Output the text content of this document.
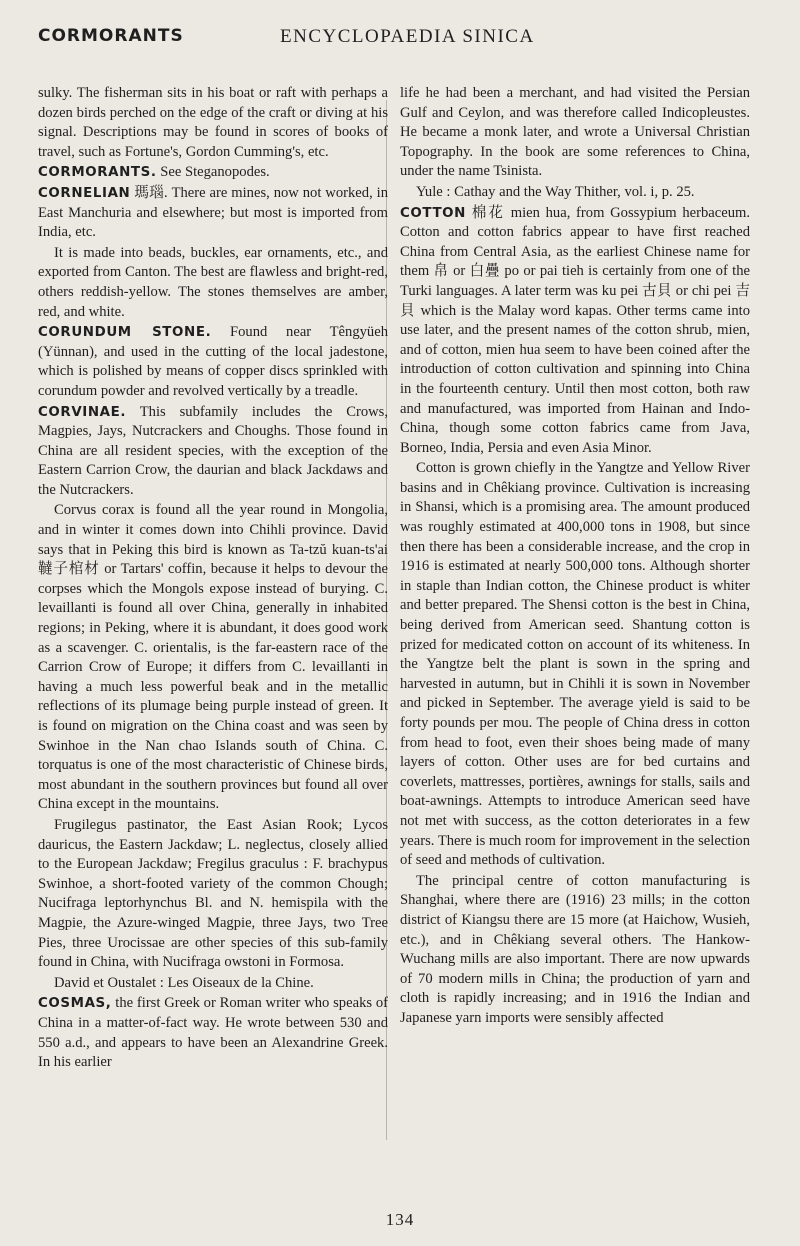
CORMORANTS	ENCYCLOPAEDIA SINICA

sulky. The fisherman sits in his boat or raft with perhaps a dozen birds perched on the edge of the craft or diving at his signal. Descriptions may be found in scores of books of travel, such as Fortune's, Gordon Cumming's, etc.

CORMORANTS. See Steganopodes.

CORNELIAN 瑪瑙. There are mines, now not worked, in East Manchuria and elsewhere; but most is imported from India, etc.

It is made into beads, buckles, ear ornaments, etc., and exported from Canton. The best are flawless and bright-red, others reddish-yellow. The stones themselves are amber, red, and white.

CORUNDUM STONE. Found near Têngyüeh (Yünnan), and used in the cutting of the local jadestone, which is polished by means of copper discs sprinkled with corundum powder and revolved vertically by a treadle.

CORVINAE. This subfamily includes the Crows, Magpies, Jays, Nutcrackers and Choughs. Those found in China are all resident species, with the exception of the Eastern Carrion Crow, the daurian and black Jackdaws and the Nutcrackers.

Corvus corax is found all the year round in Mongolia, and in winter it comes down into Chihli province. David says that in Peking this bird is known as Ta-tzŭ kuan-ts'ai 韃子棺材 or Tartars' coffin, because it helps to devour the corpses which the Mongols expose instead of burying. C. levaillanti is found all over China, generally in inhabited regions; in Peking, where it is abundant, it does good work as a scavenger. C. orientalis, is the far-eastern race of the Carrion Crow of Europe; it differs from C. levaillanti in having a much less powerful beak and in the metallic reflections of its plumage being purple instead of green. It is found on migration on the China coast and was seen by Swinhoe in the Nan chao Islands south of China. C. torquatus is one of the most characteristic of Chinese birds, most abundant in the southern provinces but found all over China except in the mountains.

Frugilegus pastinator, the East Asian Rook; Lycos dauricus, the Eastern Jackdaw; L. neglectus, closely allied to the European Jackdaw; Fregilus graculus : F. brachypus Swinhoe, a short-footed variety of the common Chough; Nucifraga leptorhynchus Bl. and N. hemispila with the Magpie, the Azure-winged Magpie, three Jays, two Tree Pies, three Urocissae are other species of this sub-family found in China, with Nucifraga owstoni in Formosa.

David et Oustalet : Les Oiseaux de la Chine.

COSMAS, the first Greek or Roman writer who speaks of China in a matter-of-fact way. He wrote between 530 and 550 a.d., and appears to have been an Alexandrine Greek. In his earlier

life he had been a merchant, and had visited the Persian Gulf and Ceylon, and was therefore called Indicopleustes. He became a monk later, and wrote a Universal Christian Topography. In the book are some references to China, under the name Tsinista.

Yule : Cathay and the Way Thither, vol. i, p. 25.

COTTON 棉花 mien hua, from Gossypium herbaceum. Cotton and cotton fabrics appear to have first reached China from Central Asia, as the earliest Chinese name for them 帛 or 白疊 po or pai tieh is certainly from one of the Turki languages. A later term was ku pei 古貝 or chi pei 吉貝 which is the Malay word kapas. Other terms came into use later, and the present names of the cotton shrub, mien, and of cotton, mien hua seem to have been coined after the introduction of cotton cultivation and spinning into China in the fourteenth century. Until then most cotton, both raw and manufactured, was imported from Hainan and Indo-China, though some cotton fabrics came from Java, Borneo, India, Persia and even Asia Minor.

Cotton is grown chiefly in the Yangtze and Yellow River basins and in Chêkiang province. Cultivation is increasing in Shansi, which is a promising area. The amount produced was roughly estimated at 400,000 tons in 1908, but since then there has been a considerable increase, and the crop in 1916 is estimated at nearly 500,000 tons. Although shorter in staple than Indian cotton, the Chinese product is whiter and better prepared. The Shensi cotton is the best in China, being derived from American seed. Shantung cotton is prized for medicated cotton on account of its whiteness. In the Yangtze belt the plant is sown in the spring and harvested in autumn, but in Chihli it is sown in November and picked in September. The average yield is said to be forty pounds per mou. The people of China dress in cotton from head to foot, even their shoes being made of many layers of cotton. Other uses are for bed curtains and coverlets, mattresses, portières, awnings for stalls, sails and boat-awnings. Attempts to introduce American seed have not met with success, as the cotton deteriorates in a few years. There is much room for improvement in the selection of seed and methods of cultivation.

The principal centre of cotton manufacturing is Shanghai, where there are (1916) 23 mills; in the cotton district of Kiangsu there are 15 more (at Haichow, Wusieh, etc.), and in Chêkiang several others. The Hankow-Wuchang mills are also important. There are now upwards of 70 modern mills in China; the production of yarn and cloth is rapidly increasing; and in 1916 the Indian and Japanese yarn imports were sensibly affected

134
